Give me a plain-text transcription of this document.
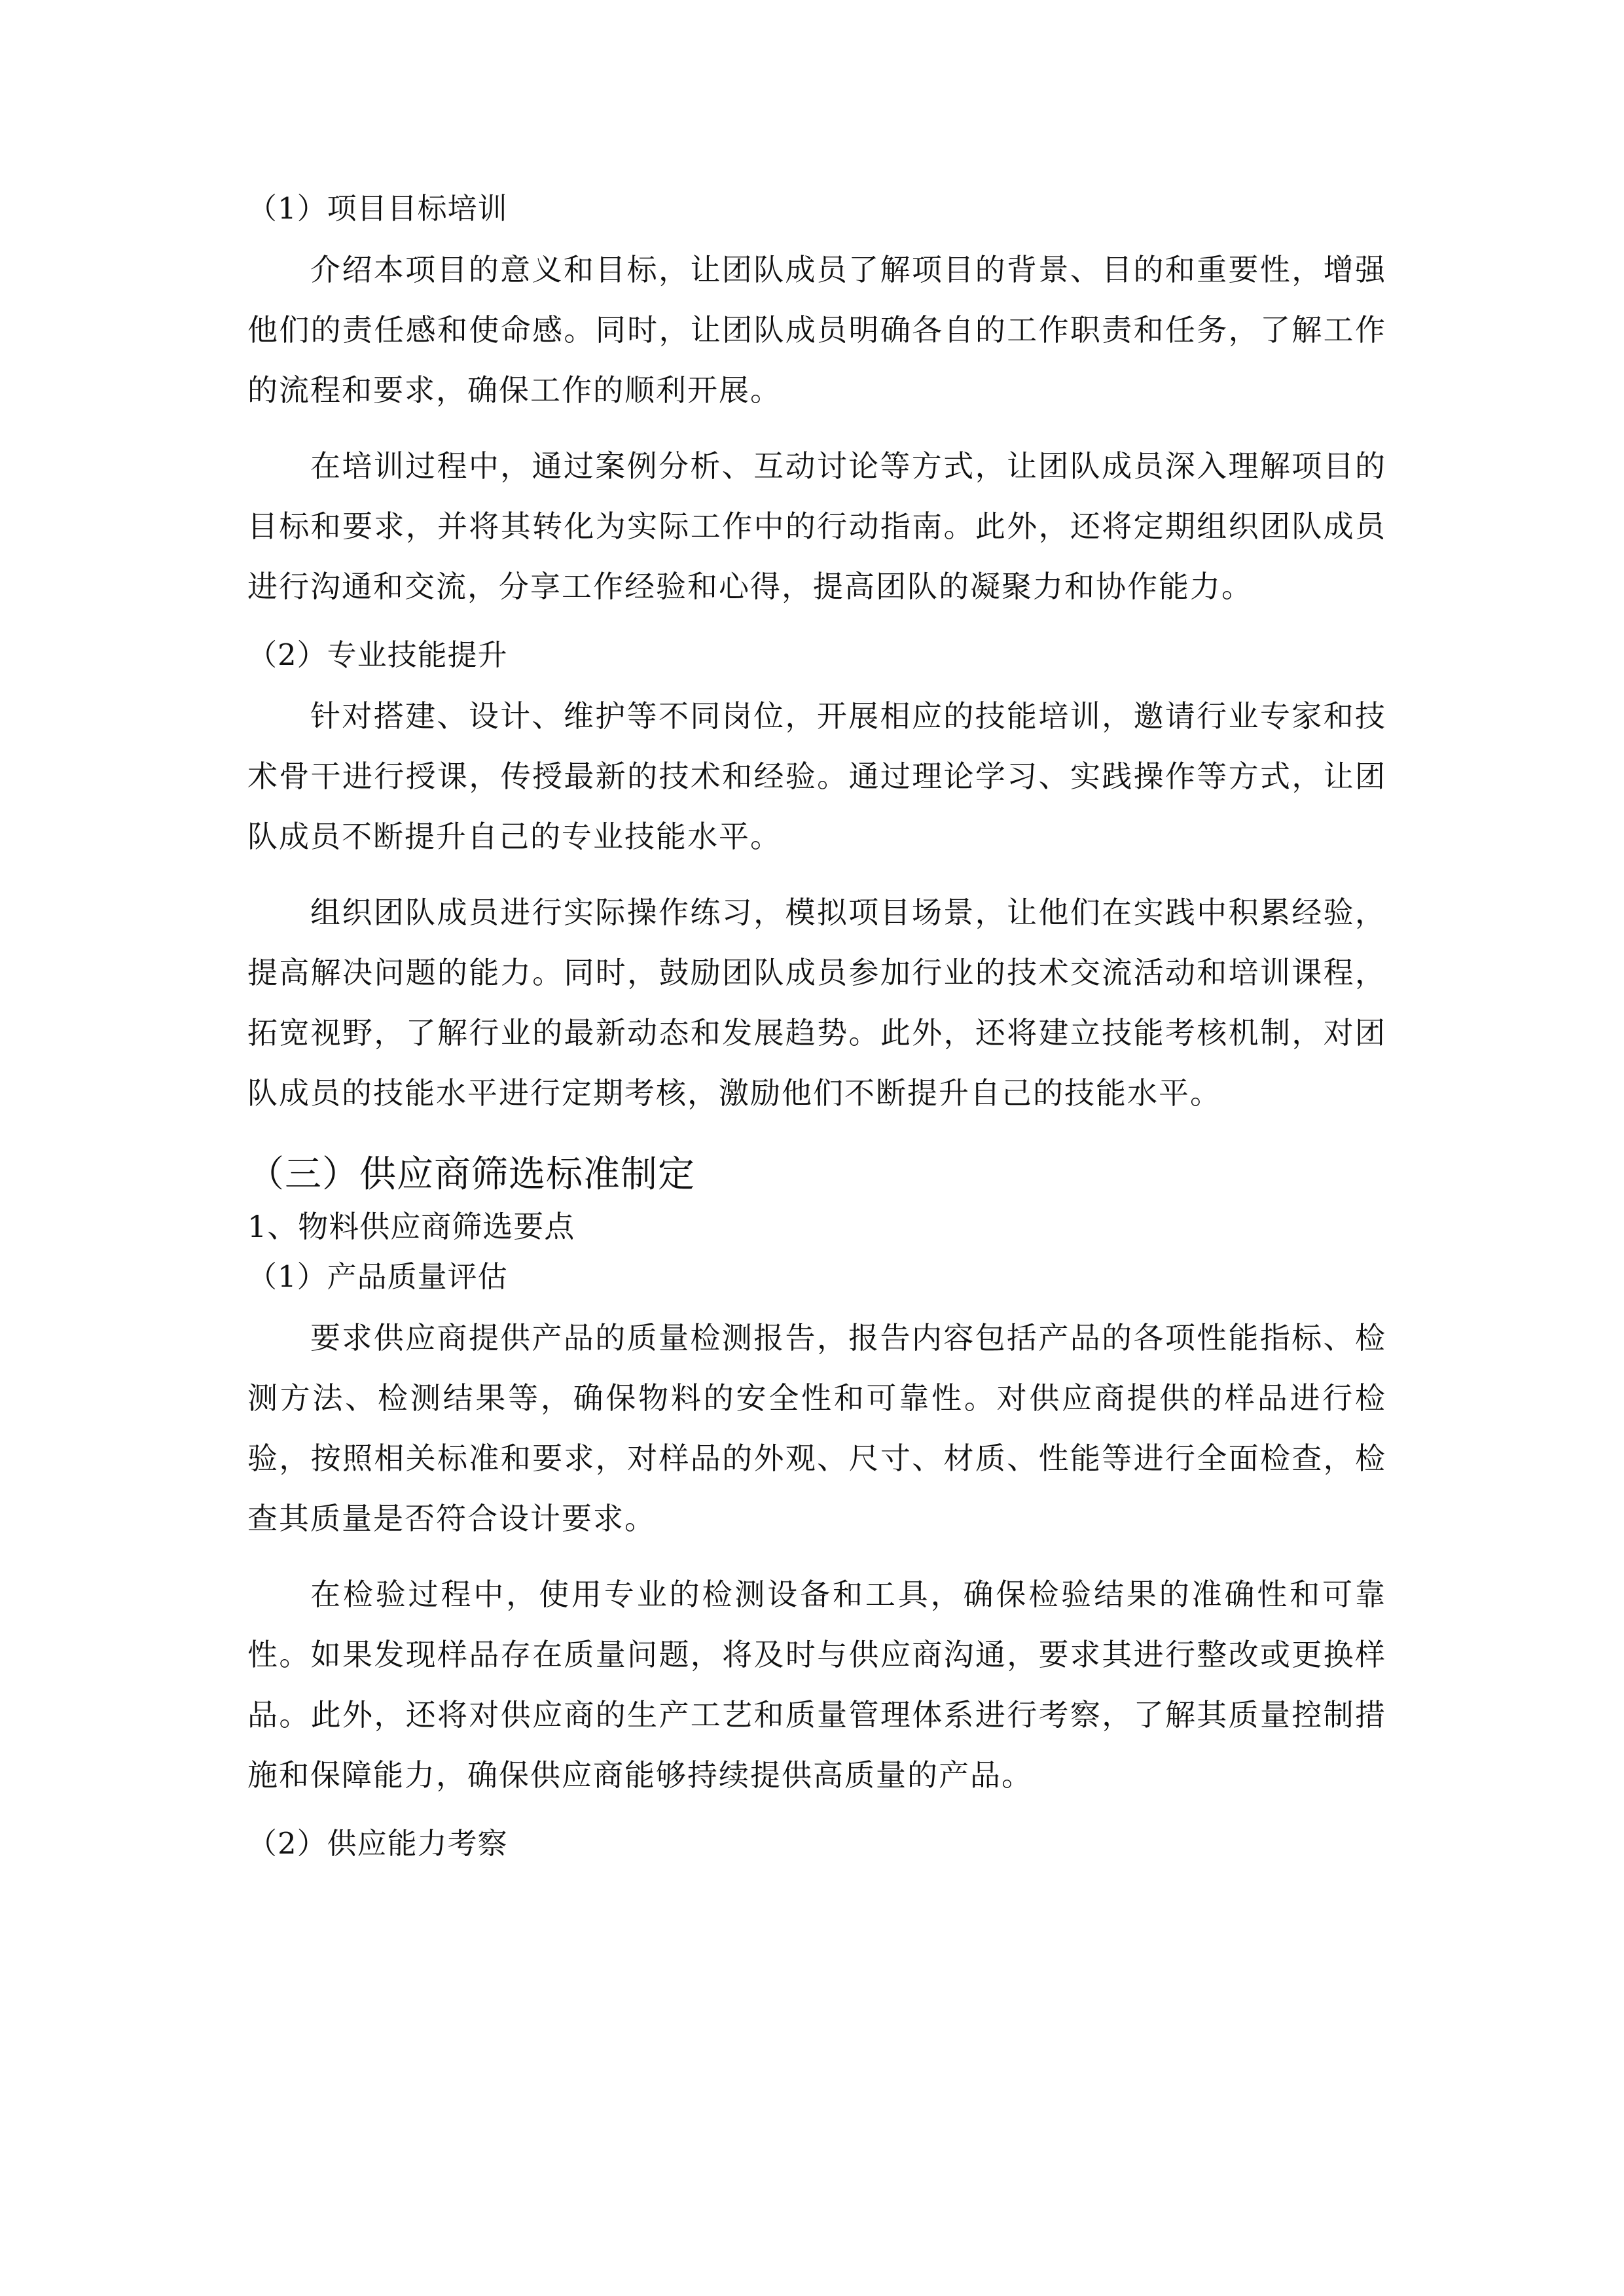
（1）项目目标培训

介绍本项目的意义和目标，让团队成员了解项目的背景、目的和重要性，增强他们的责任感和使命感。同时，让团队成员明确各自的工作职责和任务，了解工作的流程和要求，确保工作的顺利开展。

在培训过程中，通过案例分析、互动讨论等方式，让团队成员深入理解项目的目标和要求，并将其转化为实际工作中的行动指南。此外，还将定期组织团队成员进行沟通和交流，分享工作经验和心得，提高团队的凝聚力和协作能力。

（2）专业技能提升

针对搭建、设计、维护等不同岗位，开展相应的技能培训，邀请行业专家和技术骨干进行授课，传授最新的技术和经验。通过理论学习、实践操作等方式，让团队成员不断提升自己的专业技能水平。

组织团队成员进行实际操作练习，模拟项目场景，让他们在实践中积累经验，提高解决问题的能力。同时，鼓励团队成员参加行业的技术交流活动和培训课程，拓宽视野，了解行业的最新动态和发展趋势。此外，还将建立技能考核机制，对团队成员的技能水平进行定期考核，激励他们不断提升自己的技能水平。

（三）供应商筛选标准制定
1、物料供应商筛选要点
（1）产品质量评估

要求供应商提供产品的质量检测报告，报告内容包括产品的各项性能指标、检测方法、检测结果等，确保物料的安全性和可靠性。对供应商提供的样品进行检验，按照相关标准和要求，对样品的外观、尺寸、材质、性能等进行全面检查，检查其质量是否符合设计要求。

在检验过程中，使用专业的检测设备和工具，确保检验结果的准确性和可靠性。如果发现样品存在质量问题，将及时与供应商沟通，要求其进行整改或更换样品。此外，还将对供应商的生产工艺和质量管理体系进行考察，了解其质量控制措施和保障能力，确保供应商能够持续提供高质量的产品。

（2）供应能力考察
